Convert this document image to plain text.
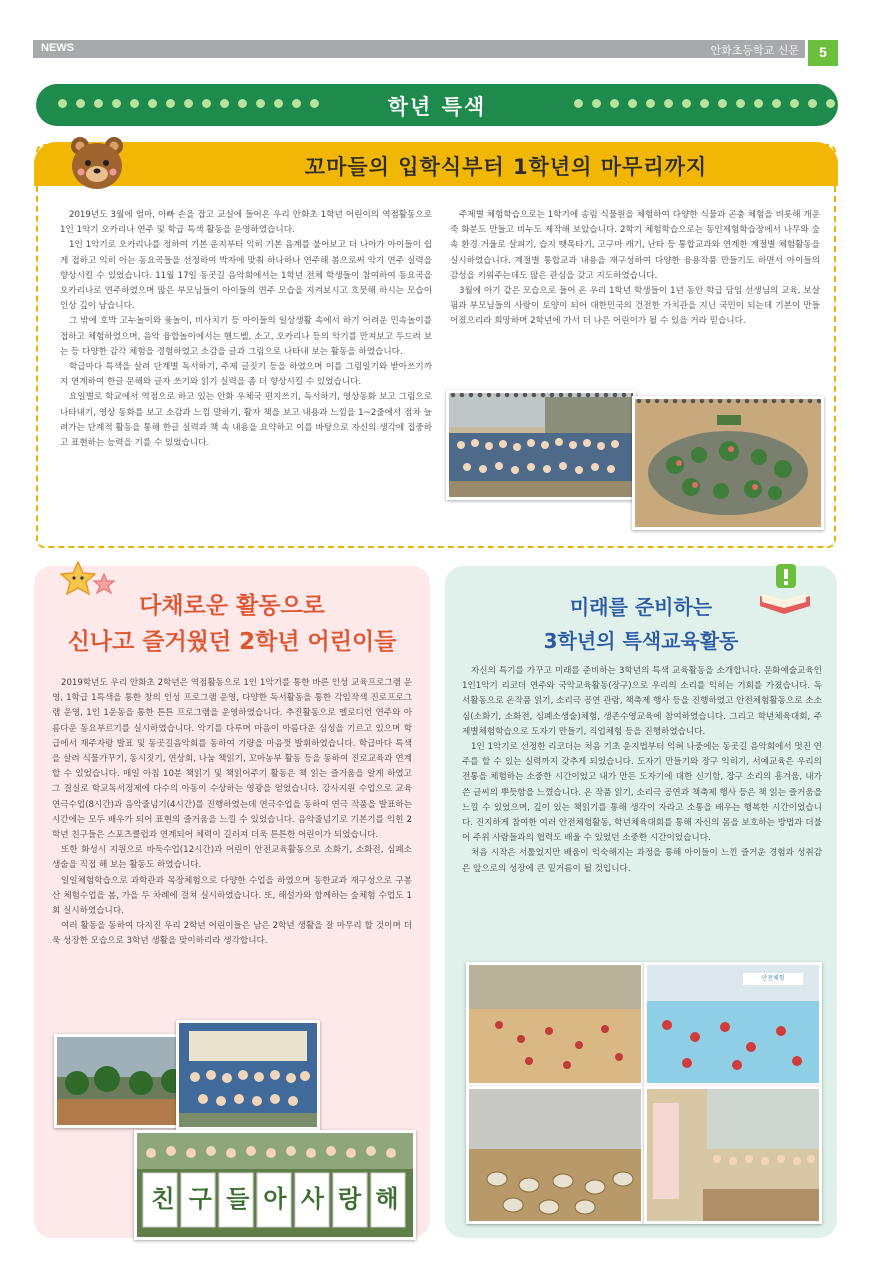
NEWS	안화초등학교 신문	5
학년 특색
꼬마들의 입학식부터 1학년의 마무리까지

2019년도 3월에 엄마, 아빠 손을 잡고 교실에 들어온 우리 안화초 1학년 어린이의 역점활동으로 1인 1악기 오카리나 연주 및 학급 특색 활동을 운영하였습니다.

1인 1악기로 오카리나를 정하여 기본 운지부터 익히 기본 음계를 불어보고 더 나아가 아이들이 쉽게 접하고 익히 아는 동요곡들을 선정하여 박자에 맞춰 하나하나 연주해 봄으로써 악기 연주 실력을 향상시킬 수 있었습니다. 11월 17일 동곳길 음악회에서는 1학년 전체 학생들이 참여하여 동요곡을 오카리나로 연주하였으며 많은 부모님들이 아이들의 연주 모습을 지켜보시고 흐뭇해 하시는 모습이 인상 깊이 남습니다.

그 밖에 호박 고누놀이와 윷놀이, 비사치기 등 아이들의 일상생활 속에서 하기 어려운 민속놀이를 접하고 체험하였으며, 음악 융합놀이에서는 핸드벨, 소고, 오카리나 등의 악기를 만져보고 두드려 보는 등 다양한 감각 체험을 경험하였고 소감을 글과 그림으로 나타내 보는 활동을 하였습니다.

학급마다 특색을 살려 단계별 독서하기, 주제 글짓기 등을 하였으며 이를 그림일기와 받아쓰기까지 연계하여 한글 문해와 글자 쓰기와 읽기 실력을 좀 더 향상시킬 수 있었습니다.

요일별로 학교에서 역점으로 하고 있는 안화 우체국 편지쓰기, 독서하기, 영상동화 보고 그림으로 나타내기, 영상 동화를 보고 소감과 느낌 말하기, 활자 책을 보고 내용과 느낌을 1~2줄에서 점차 늘려가는 단계적 활동을 통해 한글 실력과 책 속 내용을 요약하고 이를 바탕으로 자신의 생각에 집중하고 표현하는 능력을 기를 수 있었습니다.

주제별 체험학습으로는 1학기에 송림 식물원을 체험하여 다양한 식물과 곤충 체험을 비롯해 개운죽 화분도 만들고 비누도 제작해 보았습니다. 2학기 체험학습으로는 동인제험학습장에서 나무와 숲 속 환경 거울로 살피기, 습지 뗏목타기, 고구마 캐기, 난타 등 통합교과와 연계한 계절별 체험활동을 실시하였습니다. 계절별 통합교과 내용을 재구성하여 다양한 융용작품 만들기도 하면서 아이들의 감성을 키워주는데도 많은 관심을 갖고 지도하였습니다.

3월에 아기 같은 모습으로 들어 온 우리 1학년 학생들이 1년 동안 학급 담임 선생님의 교육, 보살핌과 부모님들의 사랑이 토양이 되어 대한민국의 건전한 가치관을 지닌 국민이 되는데 기본이 만들어졌으리라 희망하며 2학년에 가서 더 나은 어린이가 될 수 있을 거라 믿습니다.

다채로운 활동으로
신나고 즐거웠던 2학년 어린이들

2019학년도 우리 안화초 2학년은 역점활동으로 1인 1악기를 통한 바른 인성 교육프로그램 운영, 1학급 1특색을 통한 창의 인성 프로그램 운영, 다양한 독서활동을 통한 각임작색 진로프로그램 운영, 1인 1운동을 통한 튼튼 프로그램을 운영하였습니다. 추진활동으로 멜로디언 연주와 아름다운 동요부르기를 실시하였습니다. 악기를 다루며 마음이 아름다운 심성을 기르고 있으며 학급에서 재주자랑 발표 및 동곳길음악회를 동하여 기량을 마음껏 발휘하였습니다. 학급마다 특색을 살려 식물가꾸기, 동시짓기, 연상회, 나눔 책읽기, 꼬마농부 활동 등을 동하여 진로교육과 연계할 수 있었습니다. 매일 아침 10분 책읽기 및 책읽어주기 활동은 책 읽는 즐거움을 알게 하였고 그 결실로 학교독서정제에 다수의 아동이 수상하는 영광을 얻었습니다. 강사지원 수업으로 교육연극수업(8시간)과 음악줄넘기(4시간)를 진행하였는데 연극수업을 동하여 연극 작품을 발표하는 시간에는 모두 배우가 되어 표현의 즐거움을 느낄 수 있었습니다. 음악줄넘기로 기본기를 익힌 2학년 친구들은 스포츠클럽과 연계되어 체력이 길러져 더욱 튼튼한 어린이가 되었습니다.

또한 화성시 지원으로 바둑수업(12시간)과 어린이 안전교육활동으로 소화기, 소화전, 심폐소생술을 직접 해 보는 활동도 하였습니다.

일일체험학습으로 과학관과 목장체험으로 다양한 수업을 하였으며 동한교과 재구성으로 구봉산 체험수업을 봄, 가을 두 차례에 걸쳐 실시하였습니다. 또, 해설가와 함께하는 숲체험 수업도 1회 실시하였습니다.

여러 활동을 동하여 다지진 우리 2학년 어린이들은 남은 2학년 생활을 잘 마무리 할 것이며 더욱 성장한 모습으로 3학년 생활을 맞이하리라 생각합니다.

친 구 들 아 사 랑 해
미래를 준비하는
3학년의 특색교육활동

자신의 특기를 가꾸고 미래를 준비하는 3학년의 특색 교육활동을 소개합니다. 문화예술교육인 1인1악기 리코더 연주와 국악교육활동(장구)으로 우리의 소리를 익히는 기회를 가졌습니다. 독서활동으로 온작품 읽기, 소리극 공연 관람, 책축제 행사 등을 진행하였고 안전체험활동으로 소소심(소화기, 소화전, 심폐소생술)체험, 생존수영교육에 참여하였습니다. 그리고 학년체육대회, 주제별체험학습으로 도자기 만들기, 직업체험 등을 진행하였습니다.

1인 1악기로 선정한 리코더는 처음 기초 운지법부터 익혀 나중에는 동곳길 음악회에서 멋진 연주를 할 수 있는 실력까지 갖추게 되었습니다. 도자기 만들기와 장구 익히기, 서예교육은 우리의 전통을 체험하는 소중한 시간이었고 내가 만든 도자기에 대한 신기함, 장구 소리의 흥겨움, 내가 쓴 글씨의 뿌듯함을 느꼈습니다. 온 작품 읽기, 소리극 공연과 책축제 행사 등은 책 읽는 즐거움을 느낄 수 있었으며, 깊이 있는 책읽기를 통해 생각이 자라고 소통을 배우는 행복한 시간이었습니다. 진지하게 참여한 여러 안전체험활동, 학년체육대회를 통해 자신의 몸을 보호하는 방법과 더불어 주위 사람들과의 협력도 배울 수 있었던 소중한 시간이었습니다.

처음 시작은 서툴었지만 배움이 익숙해지는 과정을 통해 아이들이 느낀 즐거운 경험과 성취감은 앞으로의 성장에 큰 밑거름이 될 것입니다.

안전체험
